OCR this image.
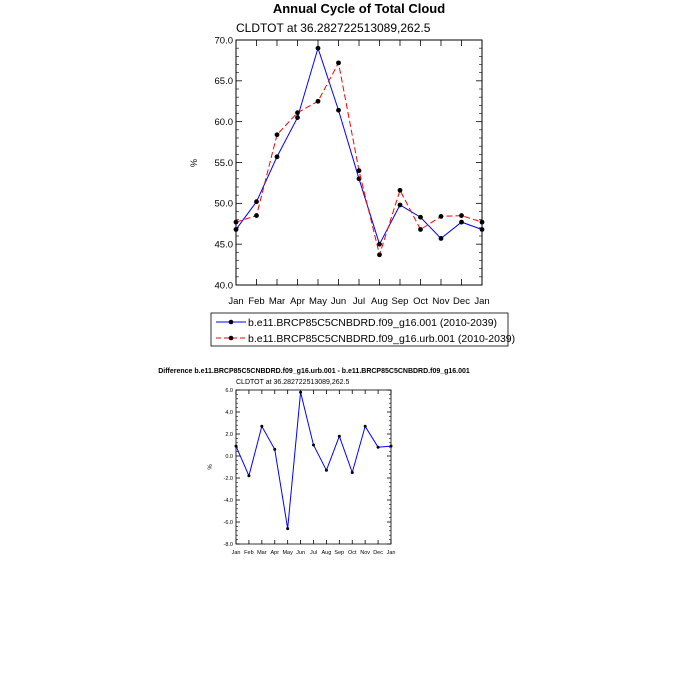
Annual Cycle of Total Cloud
CLDTOT at 36.282722513089,262.5
%
40.0
45.0
50.0
55.0
60.0
65.0
70.0
Jan Feb Mar Apr May Jun Jul Aug Sep Oct Nov Dec Jan
b.e11.BRCP85C5CNBDRD.f09_g16.001 (2010-2039)
b.e11.BRCP85C5CNBDRD.f09_g16.urb.001 (2010-2039)
Difference b.e11.BRCP85C5CNBDRD.f09_g16.urb.001 - b.e11.BRCP85C5CNBDRD.f09_g16.001
CLDTOT at 36.282722513089,262.5
%
-8.0
-6.0
-4.0
-2.0
0.0
2.0
4.0
6.0
Jan Feb Mar Apr May Jun Jul Aug Sep Oct Nov Dec Jan
